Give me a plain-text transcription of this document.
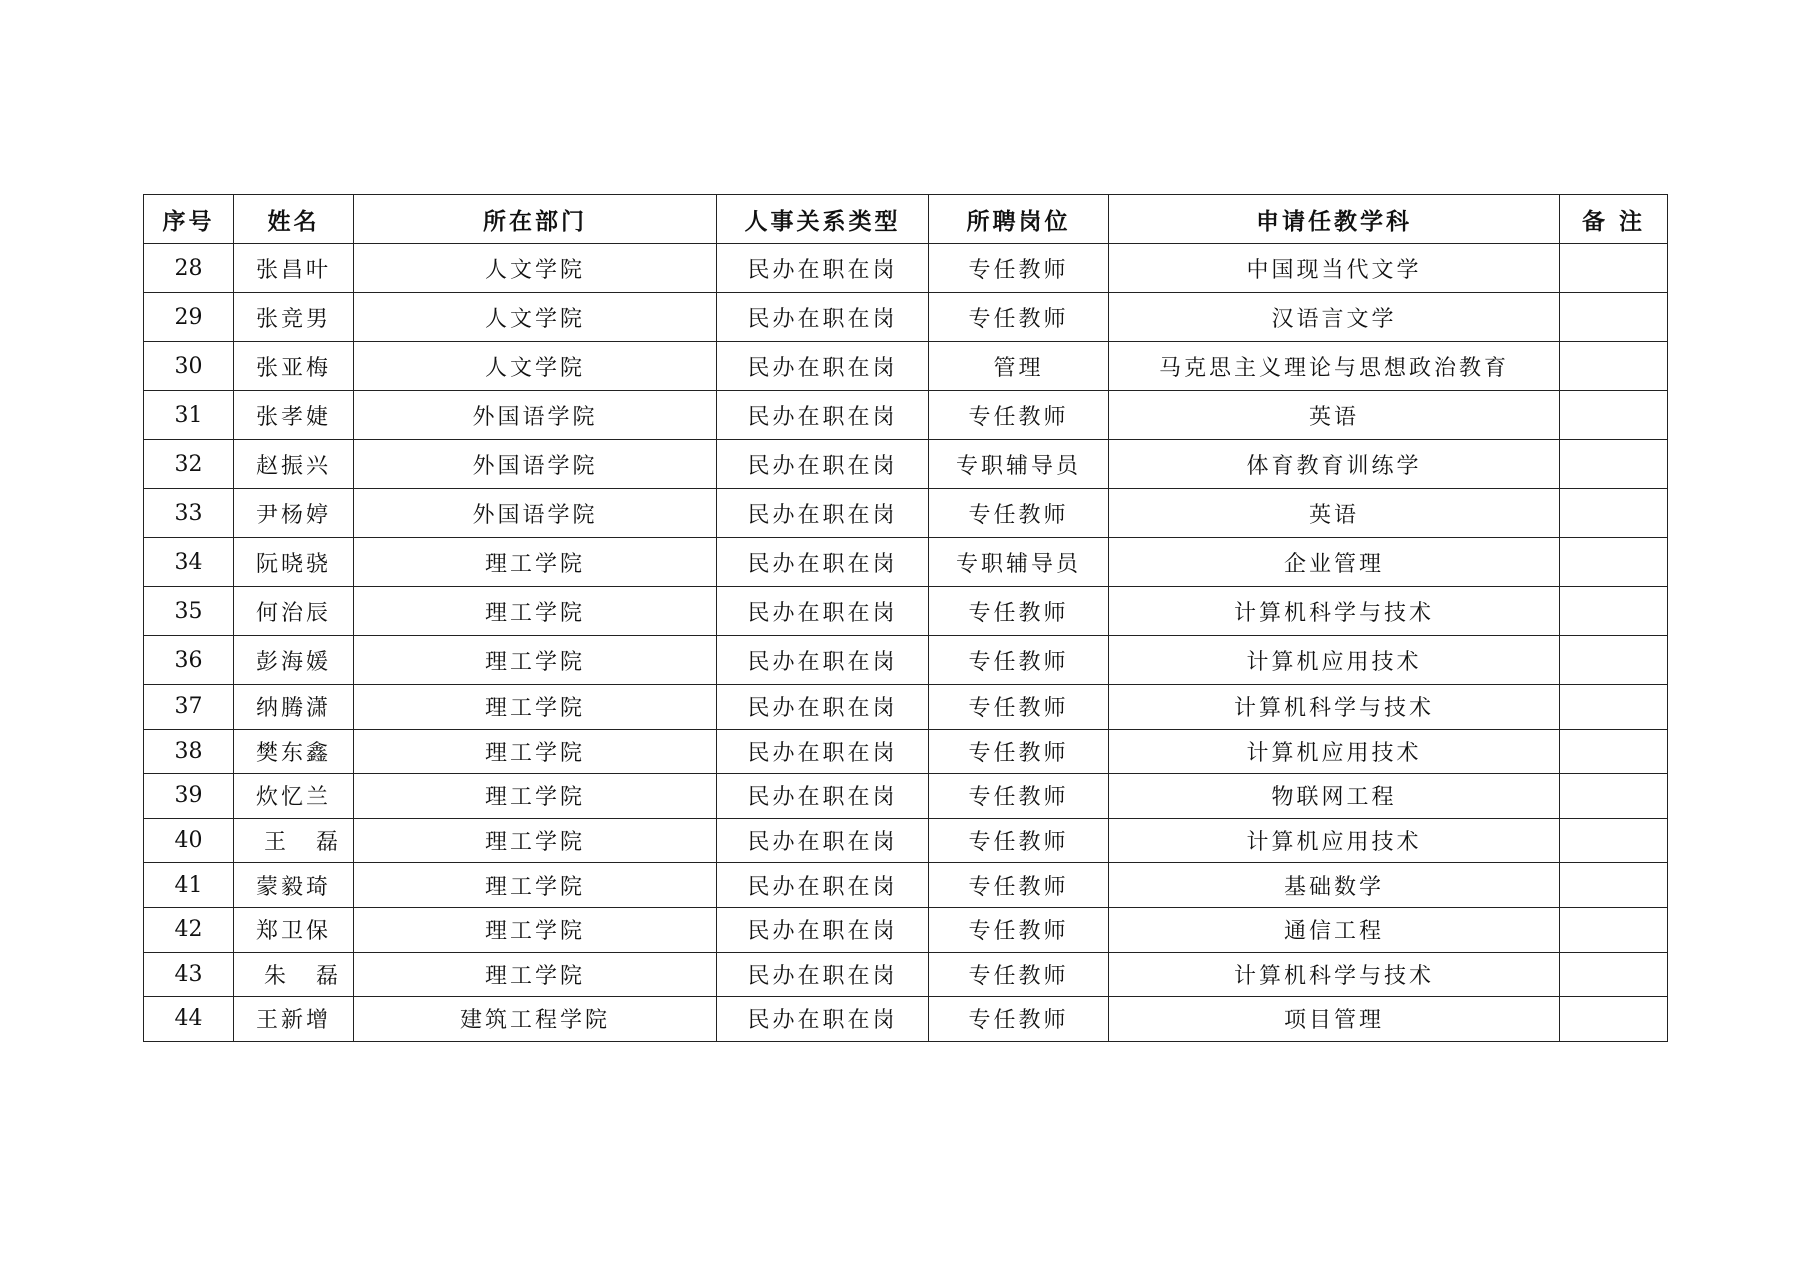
序号	姓名	所在部门	人事关系类型	所聘岗位	申请任教学科	备 注
28	张昌叶	人文学院	民办在职在岗	专任教师	中国现当代文学	
29	张竞男	人文学院	民办在职在岗	专任教师	汉语言文学	
30	张亚梅	人文学院	民办在职在岗	管理	马克思主义理论与思想政治教育	
31	张孝婕	外国语学院	民办在职在岗	专任教师	英语	
32	赵振兴	外国语学院	民办在职在岗	专职辅导员	体育教育训练学	
33	尹杨婷	外国语学院	民办在职在岗	专任教师	英语	
34	阮晓骁	理工学院	民办在职在岗	专职辅导员	企业管理	
35	何治辰	理工学院	民办在职在岗	专任教师	计算机科学与技术	
36	彭海媛	理工学院	民办在职在岗	专任教师	计算机应用技术	
37	纳腾潇	理工学院	民办在职在岗	专任教师	计算机科学与技术	
38	樊东鑫	理工学院	民办在职在岗	专任教师	计算机应用技术	
39	炊忆兰	理工学院	民办在职在岗	专任教师	物联网工程	
40	王磊	理工学院	民办在职在岗	专任教师	计算机应用技术	
41	蒙毅琦	理工学院	民办在职在岗	专任教师	基础数学	
42	郑卫保	理工学院	民办在职在岗	专任教师	通信工程	
43	朱磊	理工学院	民办在职在岗	专任教师	计算机科学与技术	
44	王新增	建筑工程学院	民办在职在岗	专任教师	项目管理	
